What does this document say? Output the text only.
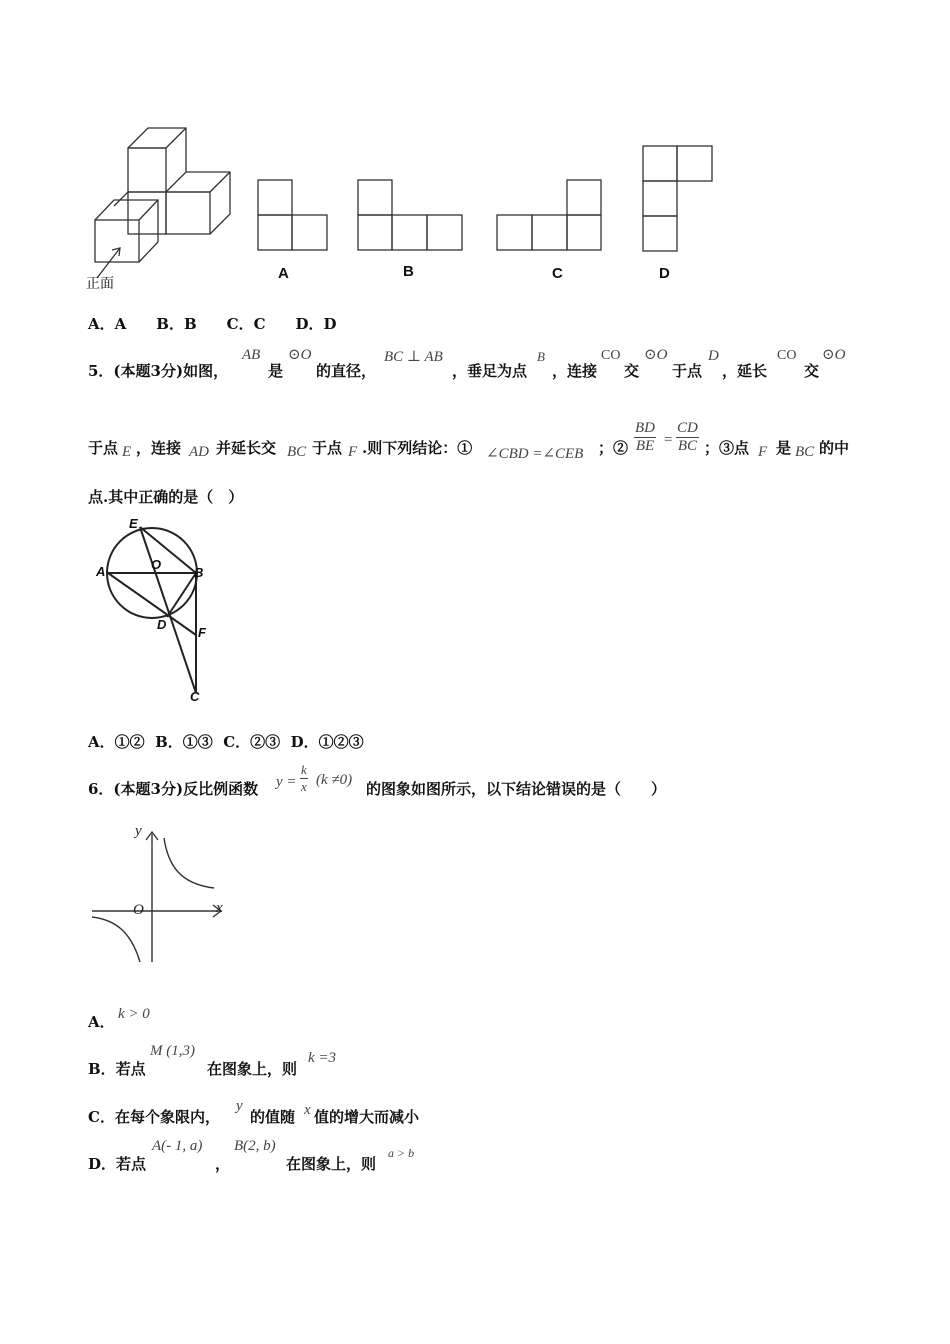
正面
A	B	C	D
A．A　　B．B　　C．C　　D．D
5．(本题3分)如图，
AB
是
⊙O
的直径，
BC ⊥ AB
，垂足为点
B
，连接
CO ⊙O
交 于点
D
，延长
CO ⊙O
交
于点 E ，连接 AD 并延长交 BC 于点 F .则下列结论：① ∠CBD =∠CEB ；② $\frac{BD}{BE} = \frac{CD}{BC}$ ；③点 F 是 BC 的中
点.其中正确的是（　）
E
A	O
B
D
F
C
A．①②  B．①③  C．②③  D．①②③
6．(本题3分)反比例函数 $y = \frac{k}{x} (k \ne 0)$ 的图象如图所示，以下结论错误的是（　　）
y
x
O
A． k > 0
B．若点
M (1,3)
在图象上，则
k =3
C．在每个象限内，
y
的值随 x 值的增大而减小
D．若点
A(- 1, a)
，
B(2, b)
在图象上，则
a > b
